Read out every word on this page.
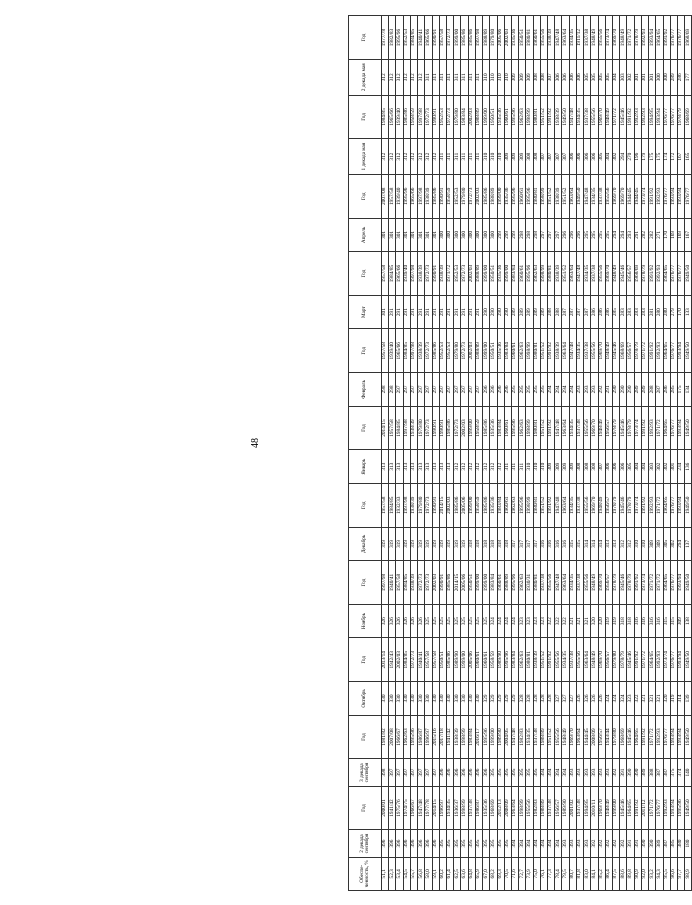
48
Обеспе-ченность, %	2 декада сентября	Год	3 декада сентября	Год	Октябрь	Год	Ноябрь	Год	Декабрь	Год	Январь	Год	Февраль	Год	Март	Год	Апрель	Год	1 декада мая	Год	2 декада мая	Год
51,1	396	2000/01	398	1981/82	330	2013/14	326	1997/98	319	1957/58	313	2014/15	298	1957/58	301	1957/58	301	2007/08	312	1984/85	312	1977/78
52,3	396	1941/42	397	2007/08	330	1942/43	326	1940/41	319	1984/85	313	1957/58	298	1939/40	291	1984/85	301	1957/58	312	1965/66	312	1982/83
53,4	396	1975/76	397	1966/67	330	2002/03	326	1957/58	319	1932/33	313	1984/85	297	1965/66	291	1965/66	301	1939/40	312	1939/40	312	1995/96
54,5	396	1974/75	397	1962/63	330	1984/85	326	1984/85	319	1997/98	313	1997/98	297	1984/85	291	1939/40	301	1995/96	312	1985/86	312	1952/53
55,7	396	1966/67	397	1995/96	330	1972/73	326	1938/39	319	1938/39	313	1938/39	297	1997/98	291	1997/98	301	1965/66	312	1958/59	312	1984/85
56,8	396	1947/48	397	1986/87	330	1940/41	326	1972/73	319	1979/80	313	1979/80	297	1938/39	291	1938/39	301	1997/98	312	1997/98	312	1940/41
58,0	396	1977/78	397	1996/97	330	1957/58	325	1972/73	319	1972/73	313	1972/73	297	1972/73	291	1972/73	301	1938/39	312	1972/73	311	1965/66
59,1	396	2014/15	397	2015/16	330	1957/58	325	2002/03	319	1990/91	313	1990/91	297	1985/86	291	1990/91	301	1985/86	312	1990/91	311	1990/91
60,2	395	1996/97	396	2017/18	330	1950/51	325	1990/91	319	2014/15	313	1990/91	297	1952/53	291	1938/39	300	1990/91	311	1952/53	311	1957/58
61,4	395	1934/35	396	1941/42	330	1985/86	325	1985/86	319	2002/03	313	1985/86	297	1952/53	291	1971/72	300	1958/59	311	1972/73	311	1972/73
62,5	395	1936/37	396	1938/39	330	1989/90	325	2014/15	319	1985/86	312	1972/73	297	1979/80	291	1952/53	300	1952/53	311	1979/80	311	1999/00
63,6	395	1998/99	396	1998/99	330	1999/00	325	2005/06	319	2005/06	312	2002/03	297	1972/73	291	1972/73	300	1979/80	311	1983/84	311	1985/86
64,8	395	1937/38	396	1983/84	330	2005/06	325	1950/51	318	1999/00	312	1999/00	297	2002/03	291	2002/03	300	1972/73	311	2002/03	311	1985/86
65,9	395	1986/87	396	2016/17	330	1960/61	325	1999/00	318	1958/59	312	1958/59	297	1988/89	291	1988/89	300	2002/03	311	1988/89	311	1997/98
67,0	395	1935/36	396	1995/96	329	1960/61	325	1999/00	318	1985/86	312	1985/86	296	1999/00	290	1999/00	300	1985/86	310	1999/00	310	1988/89
68,2	395	1968/69	395	1999/00	329	1958/59	324	1983/84	318	1935/36	312	1935/36	296	1950/51	290	1950/51	300	1988/89	310	1950/51	310	1979/80
69,3	395	2012/13	395	1989/90	329	1989/90	324	1960/61	318	1983/84	312	1983/84	296	1935/36	290	1935/36	299	1999/00	310	1935/36	310	2005/06
70,5	395	2008/09	395	2004/05	329	1995/96	324	1988/89	318	1960/61	311	1960/61	296	1983/84	290	1999/00	299	1935/36	309	1960/61	310	2002/03
71,6	394	1963/64	395	1947/48	329	1983/84	324	1995/96	317	1962/63	311	1995/96	295	1960/61	289	1983/84	299	1995/96	309	1995/96	309	1935/36
72,7	394	1998/99	395	1982/83	328	1962/63	323	1962/63	317	1995/96	311	1962/63	295	1962/63	289	1960/61	298	1960/61	309	1962/63	309	1950/51
73,9	394	1955/56	395	1934/35	328	1980/81	323	1930/31	317	1998/99	310	1998/99	295	1998/99	289	1995/96	298	1995/96	308	1998/99	309	1980/81
75,0	394	1982/83	395	1937/38	328	1938/39	323	1980/81	317	1980/81	310	1980/81	295	1980/81	289	1962/63	298	1980/81	308	1980/81	308	1960/61
76,1	394	1988/89	394	1988/89	328	1951/52	323	1937/38	316	1951/52	310	1951/52	295	1951/52	289	1998/99	297	1998/99	307	1951/52	308	1955/56
77,3	394	1937/38	394	1951/52	328	1991/92	322	1955/56	316	1991/92	309	1991/92	294	1991/92	288	1980/81	297	1951/52	307	1991/92	307	1938/39
78,4	394	1956/57	394	1955/56	327	1955/56	322	1947/48	316	1947/48	309	1947/48	294	1938/39	288	1938/39	297	1938/39	307	1938/39	306	1947/48
79,5	393	1989/90	394	1948/49	327	1934/35	322	1963/64	316	1963/64	309	1963/64	294	1963/64	287	1951/52	296	1951/52	307	1949/50	306	1963/64
80,7	393	2001/02	393	1969/70	327	1937/38	321	1934/35	315	1934/35	309	1934/35	294	1947/48	287	1963/64	296	1963/64	306	1947/48	306	1934/35
81,8	393	1937/38	393	1963/64	326	1955/56	321	1937/38	315	1937/38	308	1937/38	293	1934/35	287	1947/48	296	1949/50	306	1934/35	306	1911/12
83,0	393	1994/95	393	1944/45	326	1963/64	321	1955/56	314	1955/56	308	1955/56	293	1937/38	287	1934/35	295	1947/48	306	1937/38	305	1937/38
84,1	392	2010/11	393	2008/09	326	1948/49	320	1948/49	314	1969/70	308	1969/70	293	1955/56	286	1937/38	295	1934/35	306	1955/56	305	1948/49
85,2	392	1969/70	393	1956/57	326	1969/70	320	1969/70	314	1948/49	307	1948/49	292	1969/70	286	1955/56	295	1937/38	305	1969/70	305	1955/56
86,4	392	1948/49	393	1943/44	324	1956/57	319	1956/57	313	1956/57	306	1956/57	291	1948/49	286	1969/70	295	1955/56	304	1948/49	305	1973/74
87,5	392	1999/00	392	1979/80	324	1979/80	319	1978/79	313	1978/79	306	1978/79	290	1945/46	285	1948/49	294	1969/70	302	1971/72	304	1969/70
88,6	392	1945/46	391	1968/69	324	1978/79	318	1945/46	312	1945/46	306	1945/46	290	1968/69	283	1945/46	294	1969/70	294	1945/46	303	1948/49
89,8	391	1964/65	390	1945/46	323	1945/46	318	1978/79	312	1978/79	305	1978/79	290	1956/57	283	1956/57	293	1944/45	270	1991/92	302	1971/72
90,9	391	1991/92	390	1964/65	322	1991/92	316	1991/92	310	1973/74	304	1973/74	289	1978/79	283	1968/69	291	1944/45	196	1992/93	301	1978/79
92,0	390	2011/12	389	1991/92	321	1971/72	316	1973/74	310	1991/92	304	1991/92	289	1971/72	283	1978/79	282	1973/74	179	1992/93	301	1992/93
93,2	390	1971/72	388	1971/72	321	1964/65	316	1971/72	309	1992/93	303	1992/93	288	1991/92	281	1991/92	282	1991/92	175	1994/95	301	1993/94
94,3	389	1976/77	387	1992/93	321	1992/93	316	1971/72	309	1971/72	302	1971/72	287	1992/93	280	1992/93	271	1992/93	175	1993/94	300	1964/65
95,5	387	1992/93	387	1976/77	320	1973/74	315	1964/65	305	1964/65	302	1964/65	286	1964/65	280	1964/65	170	1976/77	174	1976/77	300	1991/92
96,6	385	1993/94	375	1993/94	319	1976/77	315	1976/77	302	1976/77	301	1976/77	285	1976/77	279	1976/77	169	1993/94	172	1976/77	289	1976/77
97,7	380	1995/96	374	1993/94	314	1993/94	309	1993/94	294	1993/94	234	1993/94	175	1993/94	170	1976/77	169	1993/94	167	1978/79	286	1976/77
98,9	180	1949/50	140	1949/50	139	1949/50	138	1949/50	137	1949/50	136	1949/50	134	1949/50	133	1949/50	167	1976/77	165	1968/69	177	1968/69
